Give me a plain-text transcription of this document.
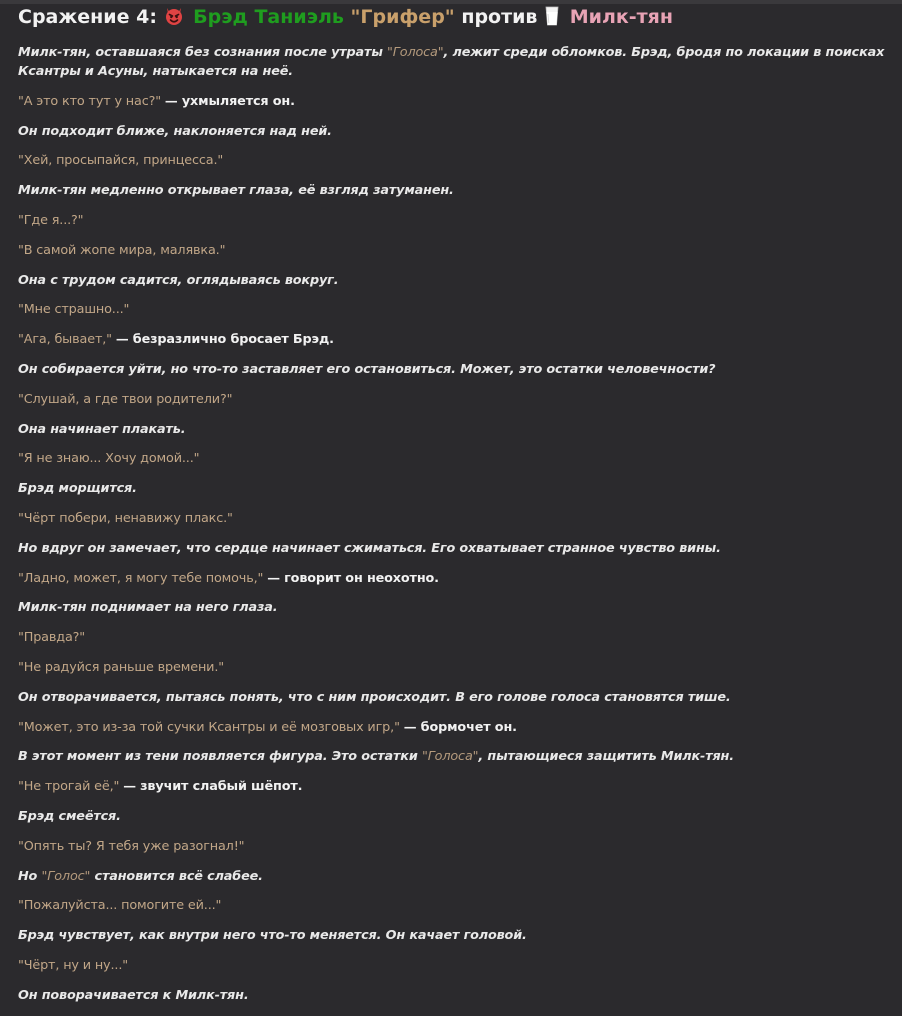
Сражение 4: Брэд Таниэль "Грифер" против Милк-тян

Милк-тян, оставшаяся без сознания после утраты "Голоса", лежит среди обломков. Брэд, бродя по локации в поисках Ксантры и Асуны, натыкается на неё.

"А это кто тут у нас?" — ухмыляется он.

Он подходит ближе, наклоняется над ней.

"Хей, просыпайся, принцесса."

Милк-тян медленно открывает глаза, её взгляд затуманен.

"Где я...?"

"В самой жопе мира, малявка."

Она с трудом садится, оглядываясь вокруг.

"Мне страшно..."

"Ага, бывает," — безразлично бросает Брэд.

Он собирается уйти, но что-то заставляет его остановиться. Может, это остатки человечности?

"Слушай, а где твои родители?"

Она начинает плакать.

"Я не знаю... Хочу домой..."

Брэд морщится.

"Чёрт побери, ненавижу плакс."

Но вдруг он замечает, что сердце начинает сжиматься. Его охватывает странное чувство вины.

"Ладно, может, я могу тебе помочь," — говорит он неохотно.

Милк-тян поднимает на него глаза.

"Правда?"

"Не радуйся раньше времени."

Он отворачивается, пытаясь понять, что с ним происходит. В его голове голоса становятся тише.

"Может, это из-за той сучки Ксантры и её мозговых игр," — бормочет он.

В этот момент из тени появляется фигура. Это остатки "Голоса", пытающиеся защитить Милк-тян.

"Не трогай её," — звучит слабый шёпот.

Брэд смеётся.

"Опять ты? Я тебя уже разогнал!"

Но "Голос" становится всё слабее.

"Пожалуйста... помогите ей..."

Брэд чувствует, как внутри него что-то меняется. Он качает головой.

"Чёрт, ну и ну..."

Он поворачивается к Милк-тян.
